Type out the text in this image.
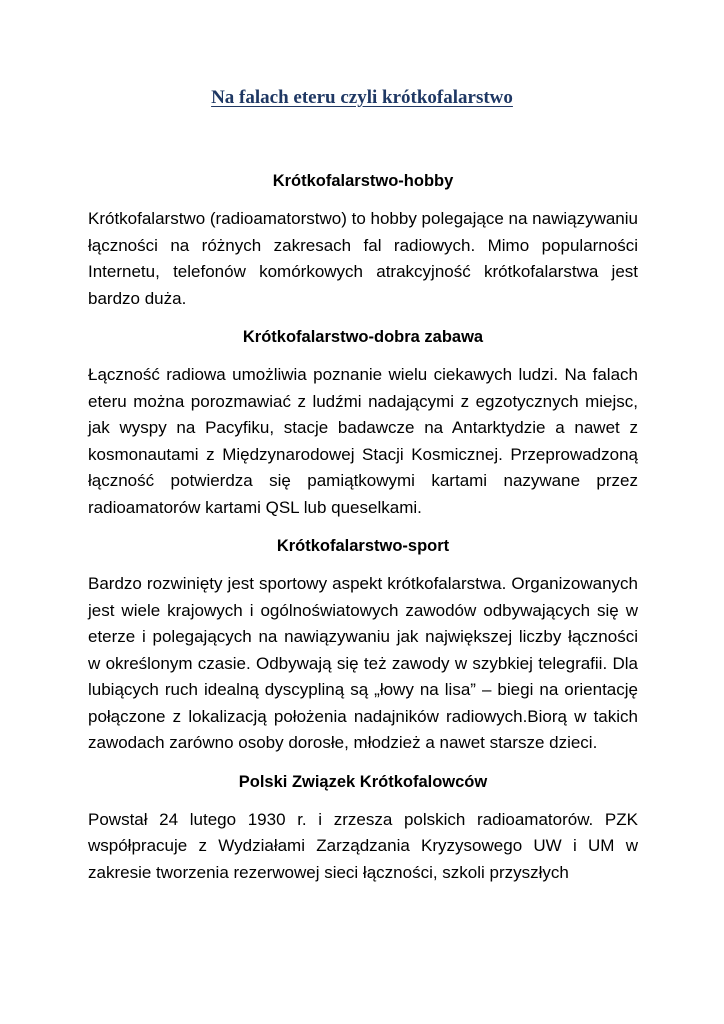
Na falach eteru czyli krótkofalarstwo
Krótkofalarstwo-hobby

Krótkofalarstwo (radioamatorstwo) to hobby polegające na nawiązywaniu łączności na różnych zakresach fal radiowych. Mimo popularności Internetu, telefonów komórkowych atrakcyjność krótkofalarstwa jest bardzo duża.

Krótkofalarstwo-dobra zabawa

Łączność radiowa umożliwia poznanie wielu ciekawych ludzi. Na falach eteru można porozmawiać z ludźmi nadającymi z egzotycznych miejsc, jak wyspy na Pacyfiku, stacje badawcze na Antarktydzie a nawet z kosmonautami z Międzynarodowej Stacji Kosmicznej. Przeprowadzoną łączność potwierdza się pamiątkowymi kartami nazywane przez radioamatorów kartami QSL lub queselkami.

Krótkofalarstwo-sport

Bardzo rozwinięty jest sportowy aspekt krótkofalarstwa. Organizowanych jest wiele krajowych i ogólnoświatowych zawodów odbywających się w eterze i polegających na nawiązywaniu jak największej liczby łączności w określonym czasie. Odbywają się też zawody w szybkiej telegrafii. Dla lubiących ruch idealną dyscypliną są „łowy na lisa” – biegi na orientację połączone z lokalizacją położenia nadajników radiowych.Biorą w takich zawodach zarówno osoby dorosłe, młodzież a nawet starsze dzieci.

Polski Związek Krótkofalowców

Powstał 24 lutego 1930 r. i zrzesza polskich radioamatorów. PZK współpracuje z Wydziałami Zarządzania Kryzysowego UW i UM w zakresie tworzenia rezerwowej sieci łączności, szkoli przyszłych
